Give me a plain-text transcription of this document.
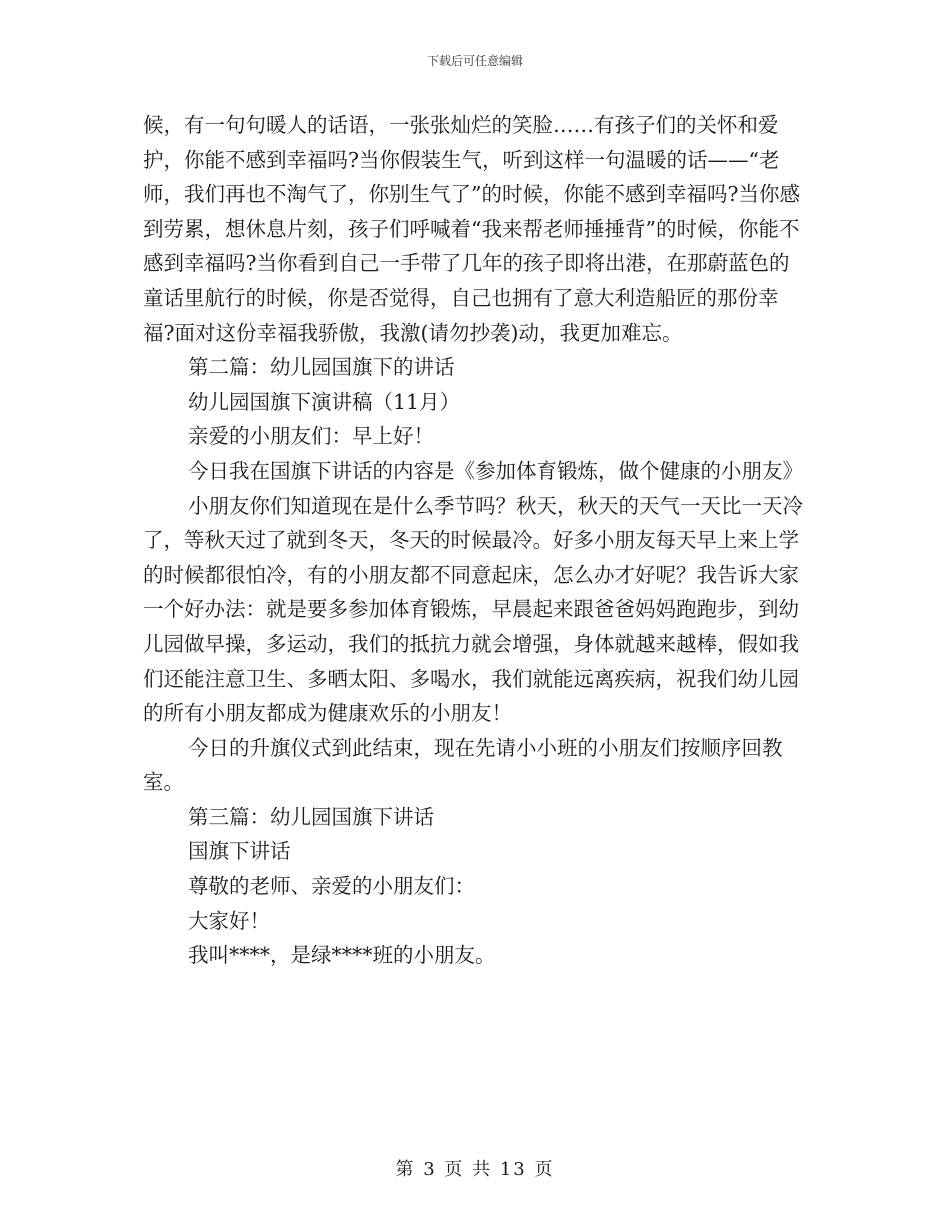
下载后可任意编辑

候，有一句句暖人的话语，一张张灿烂的笑脸……有孩子们的关怀和爱护，你能不感到幸福吗?当你假装生气，听到这样一句温暖的话——“老师，我们再也不淘气了，你别生气了”的时候，你能不感到幸福吗?当你感到劳累，想休息片刻，孩子们呼喊着“我来帮老师捶捶背”的时候，你能不感到幸福吗?当你看到自己一手带了几年的孩子即将出港，在那蔚蓝色的童话里航行的时候，你是否觉得，自己也拥有了意大利造船匠的那份幸福?面对这份幸福我骄傲，我激(请勿抄袭)动，我更加难忘。

第二篇：幼儿园国旗下的讲话

幼儿园国旗下演讲稿（11月）

亲爱的小朋友们：早上好！

今日我在国旗下讲话的内容是《参加体育锻炼，做个健康的小朋友》

小朋友你们知道现在是什么季节吗？秋天，秋天的天气一天比一天冷了，等秋天过了就到冬天，冬天的时候最冷。好多小朋友每天早上来上学的时候都很怕冷，有的小朋友都不同意起床，怎么办才好呢？我告诉大家一个好办法：就是要多参加体育锻炼，早晨起来跟爸爸妈妈跑跑步，到幼儿园做早操，多运动，我们的抵抗力就会增强，身体就越来越棒，假如我们还能注意卫生、多晒太阳、多喝水，我们就能远离疾病，祝我们幼儿园的所有小朋友都成为健康欢乐的小朋友！

今日的升旗仪式到此结束，现在先请小小班的小朋友们按顺序回教室。

第三篇：幼儿园国旗下讲话

国旗下讲话

尊敬的老师、亲爱的小朋友们：

大家好！

我叫****，是绿****班的小朋友。

第 3 页 共 13 页
